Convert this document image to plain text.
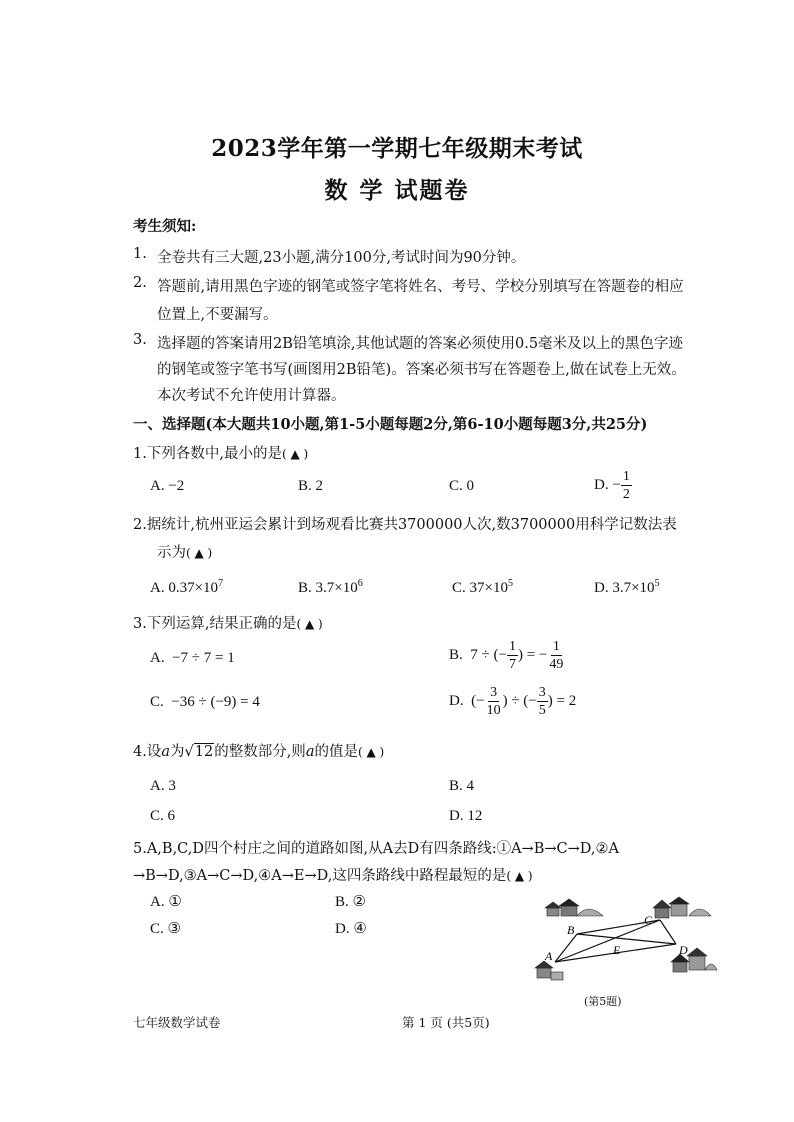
2023学年第一学期七年级期末考试
数 学 试题卷
考生须知:
1. 全卷共有三大题,23小题,满分100分,考试时间为90分钟。
2. 答题前,请用黑色字迹的钢笔或签字笔将姓名、考号、学校分别填写在答题卷的相应
位置上,不要漏写。
3. 选择题的答案请用2B铅笔填涂,其他试题的答案必须使用0.5毫米及以上的黑色字迹
的钢笔或签字笔书写(画图用2B铅笔)。答案必须书写在答题卷上,做在试卷上无效。
本次考试不允许使用计算器。
一、选择题(本大题共10小题,第1-5小题每题2分,第6-10小题每题3分,共25分)
1.下列各数中,最小的是( ▲ )
A. −2	B. 2	C. 0	D. − $\frac{1}{2}$
2.据统计,杭州亚运会累计到场观看比赛共3700000人次,数3700000用科学记数法表
示为( ▲ )
A. $0.37\times 10^7$	B. $3.7\times 10^6$	C. $37\times 10^5$	D. $3.7\times 10^5$
3.下列运算,结果正确的是( ▲ )
A. −7 ÷ 7 = 1	B. 7 ÷ (− $\frac{1}{7}$ ) = − $\frac{1}{49}$
C. −36 ÷ (−9) = 4	D. (− $\frac{3}{10}$ ) ÷ (− $\frac{3}{5}$ ) = 2
4.设a为√12的整数部分,则a的值是( ▲ )
A. 3	B. 4
C. 6	D. 12
5.A,B,C,D四个村庄之间的道路如图,从A去D有四条路线:①A→B→C→D,②A
→B→D,③A→C→D,④A→E→D,这四条路线中路程最短的是( ▲ )
A. ①	B. ②
C. ③	D. ④
A
B
C
D
E
(第5题)
七年级数学试卷	第 1 页 (共5页)
